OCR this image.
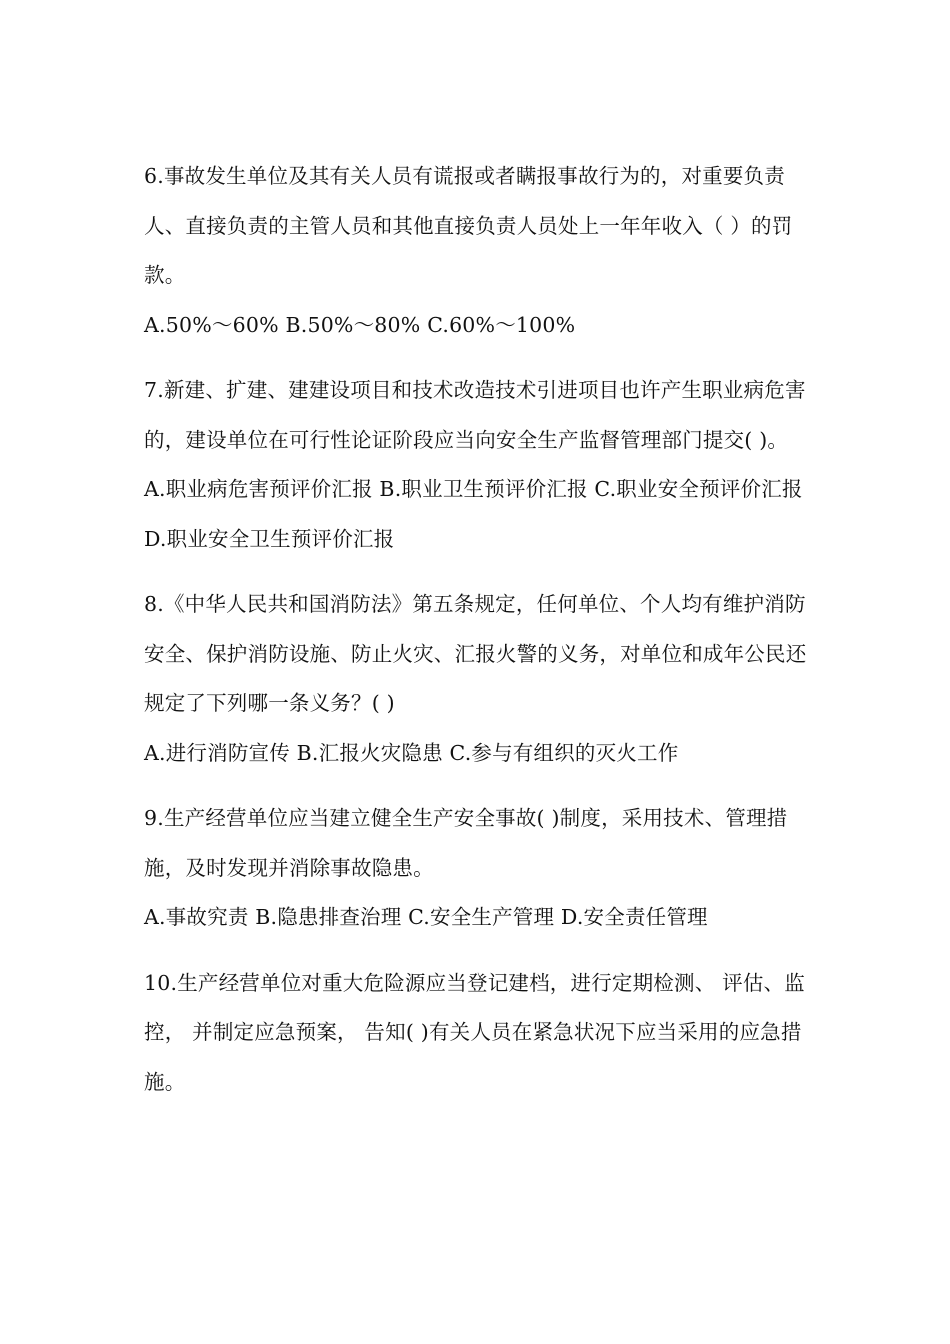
6.事故发生单位及其有关人员有谎报或者瞒报事故行为的，对重要负责人、直接负责的主管人员和其他直接负责人员处上一年年收入（ ）的罚款。

A.50%～60% B.50%～80% C.60%～100%

7.新建、扩建、建建设项目和技术改造技术引进项目也许产生职业病危害的，建设单位在可行性论证阶段应当向安全生产监督管理部门提交( )。

A.职业病危害预评价汇报 B.职业卫生预评价汇报 C.职业安全预评价汇报 D.职业安全卫生预评价汇报

8.《中华人民共和国消防法》第五条规定，任何单位、个人均有维护消防安全、保护消防设施、防止火灾、汇报火警的义务，对单位和成年公民还规定了下列哪一条义务？( )

A.进行消防宣传 B.汇报火灾隐患 C.参与有组织的灭火工作

9.生产经营单位应当建立健全生产安全事故( )制度，采用技术、管理措施，及时发现并消除事故隐患。

A.事故究责 B.隐患排查治理 C.安全生产管理 D.安全责任管理

10.生产经营单位对重大危险源应当登记建档，进行定期检测、 评估、监控， 并制定应急预案， 告知( )有关人员在紧急状况下应当采用的应急措施。
